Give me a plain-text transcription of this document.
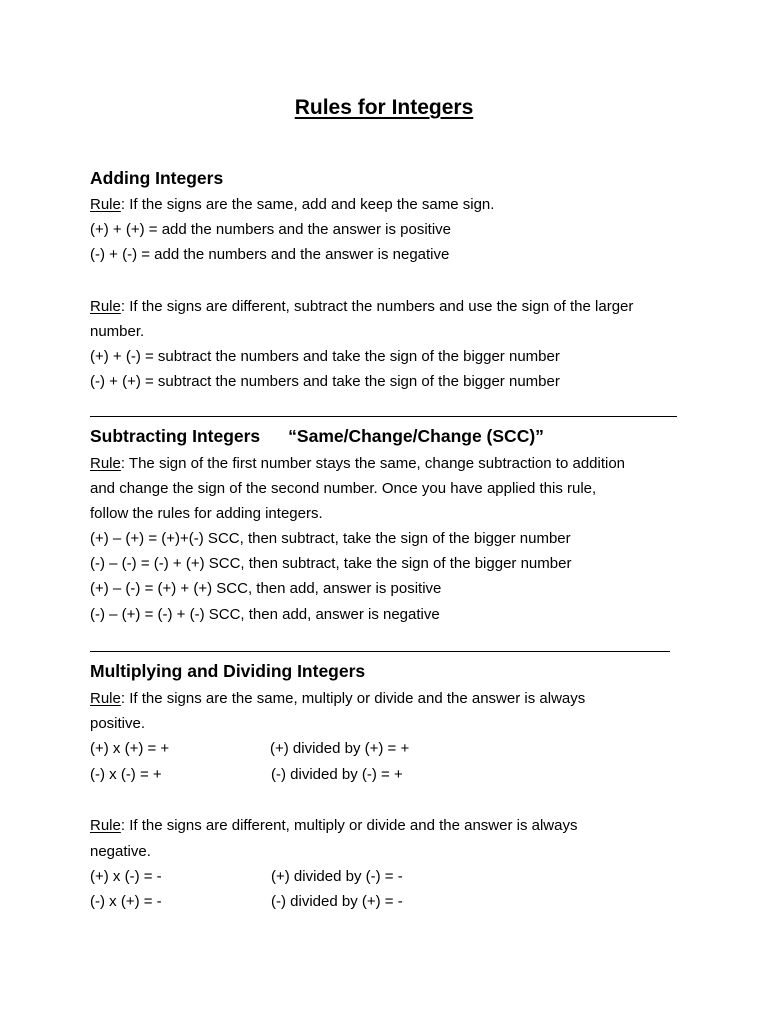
Rules for Integers
Adding Integers
Rule: If the signs are the same, add and keep the same sign.
(+) + (+) = add the numbers and the answer is positive
(-) + (-) = add the numbers and the answer is negative
Rule: If the signs are different, subtract the numbers and use the sign of the larger
number.
(+) + (-) = subtract the numbers and take the sign of the bigger number
(-) + (+) = subtract the numbers and take the sign of the bigger number
Subtracting Integers “Same/Change/Change (SCC)”
Rule: The sign of the first number stays the same, change subtraction to addition
and change the sign of the second number. Once you have applied this rule,
follow the rules for adding integers.
(+) – (+) = (+)+(-) SCC, then subtract, take the sign of the bigger number
(-) – (-) = (-) + (+) SCC, then subtract, take the sign of the bigger number
(+) – (-) = (+) + (+) SCC, then add, answer is positive
(-) – (+) = (-) + (-) SCC, then add, answer is negative
Multiplying and Dividing Integers
Rule: If the signs are the same, multiply or divide and the answer is always
positive.
(+) x (+) = +	(+) divided by (+) = +
(-) x (-) = +	(-) divided by (-) = +
Rule: If the signs are different, multiply or divide and the answer is always
negative.
(+) x (-) = -	(+) divided by (-) = -
(-) x (+) = -	(-) divided by (+) = -
